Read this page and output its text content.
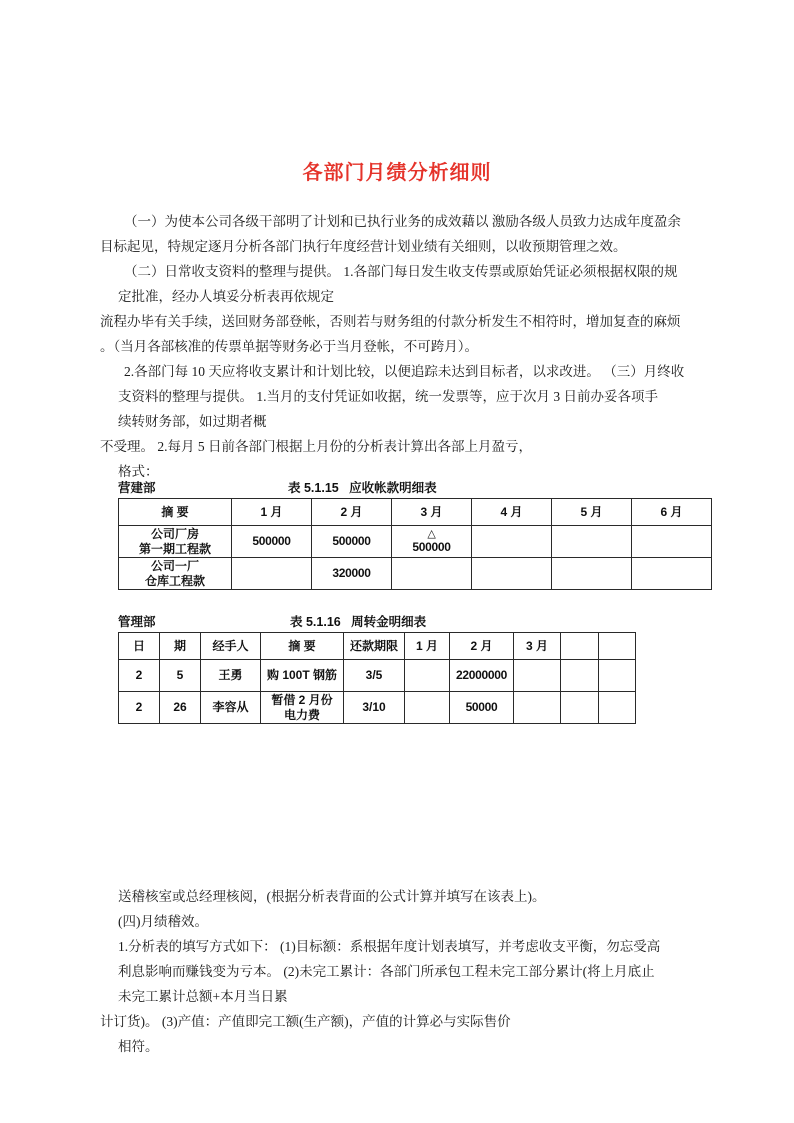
各部门月绩分析细则
（一）为使本公司各级干部明了计划和已执行业务的成效藉以 激励各级人员致力达成年度盈余
目标起见，特规定逐月分析各部门执行年度经营计划业绩有关细则，以收预期管理之效。
（二）日常收支资料的整理与提供。 1.各部门每日发生收支传票或原始凭证必须根据权限的规
定批准，经办人填妥分析表再依规定
流程办毕有关手续，送回财务部登帐，否则若与财务组的付款分析发生不相符时，增加复查的麻烦
。（当月各部核准的传票单据等财务必于当月登帐，不可跨月）。
2.各部门每 10 天应将收支累计和计划比较，以便追踪未达到目标者，以求改进。 （三）月终收
支资料的整理与提供。 1.当月的支付凭证如收据，统一发票等，应于次月 3 日前办妥各项手
续转财务部，如过期者概
不受理。 2.每月 5 日前各部门根据上月份的分析表计算出各部上月盈亏，
格式：
营建部	表 5.1.15   应收帐款明细表
摘 要	1 月	2 月	3 月	4 月	5 月	6 月

公司厂房
第一期工程款	500000	500000	△
500000			

公司一厂
仓库工程款		320000				

管理部	表 5.1.16   周转金明细表
日	期	经手人	摘 要	还款期限	1 月	2 月	3 月		
2	5	王勇	购 100T 钢筋	3/5		22000000			
2	26	李容从	暂借 2 月份
电力费	3/10		50000			
送稽核室或总经理核阅，(根据分析表背面的公式计算并填写在该表上)。
(四)月绩稽效。
1.分析表的填写方式如下： (1)目标额：系根据年度计划表填写，并考虑收支平衡，勿忘受高
利息影响而赚钱变为亏本。 (2)未完工累计：各部门所承包工程未完工部分累计(将上月底止
未完工累计总额+本月当日累
计订货)。 (3)产值：产值即完工额(生产额)，产值的计算必与实际售价
相符。
